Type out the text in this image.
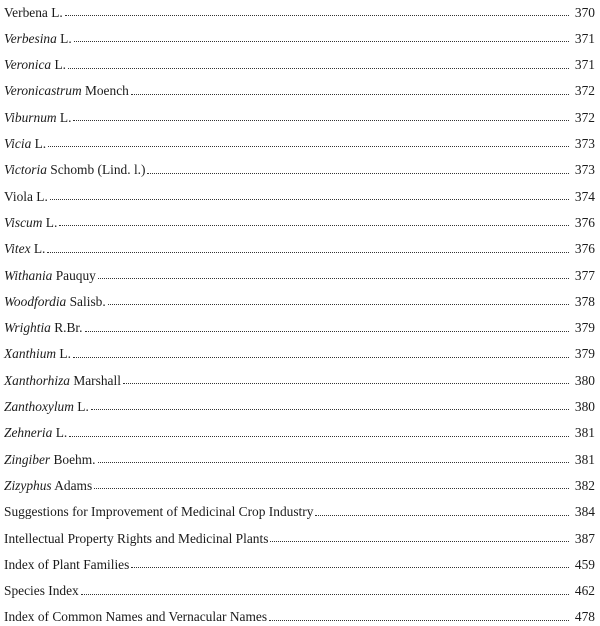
Verbena L.	370
Verbesina L.	371
Veronica L.	371
Veronicastrum Moench	372
Viburnum L.	372
Vicia L.	373
Victoria Schomb (Lind. l.)	373
Viola L.	374
Viscum L.	376
Vitex L.	376
Withania Pauquy	377
Woodfordia Salisb.	378
Wrightia R.Br.	379
Xanthium L.	379
Xanthorhiza Marshall	380
Zanthoxylum L.	380
Zehneria L.	381
Zingiber Boehm.	381
Zizyphus Adams	382
Suggestions for Improvement of Medicinal Crop Industry	384
Intellectual Property Rights and Medicinal Plants	387
Index of Plant Families	459
Species Index	462
Index of Common Names and Vernacular Names	478
